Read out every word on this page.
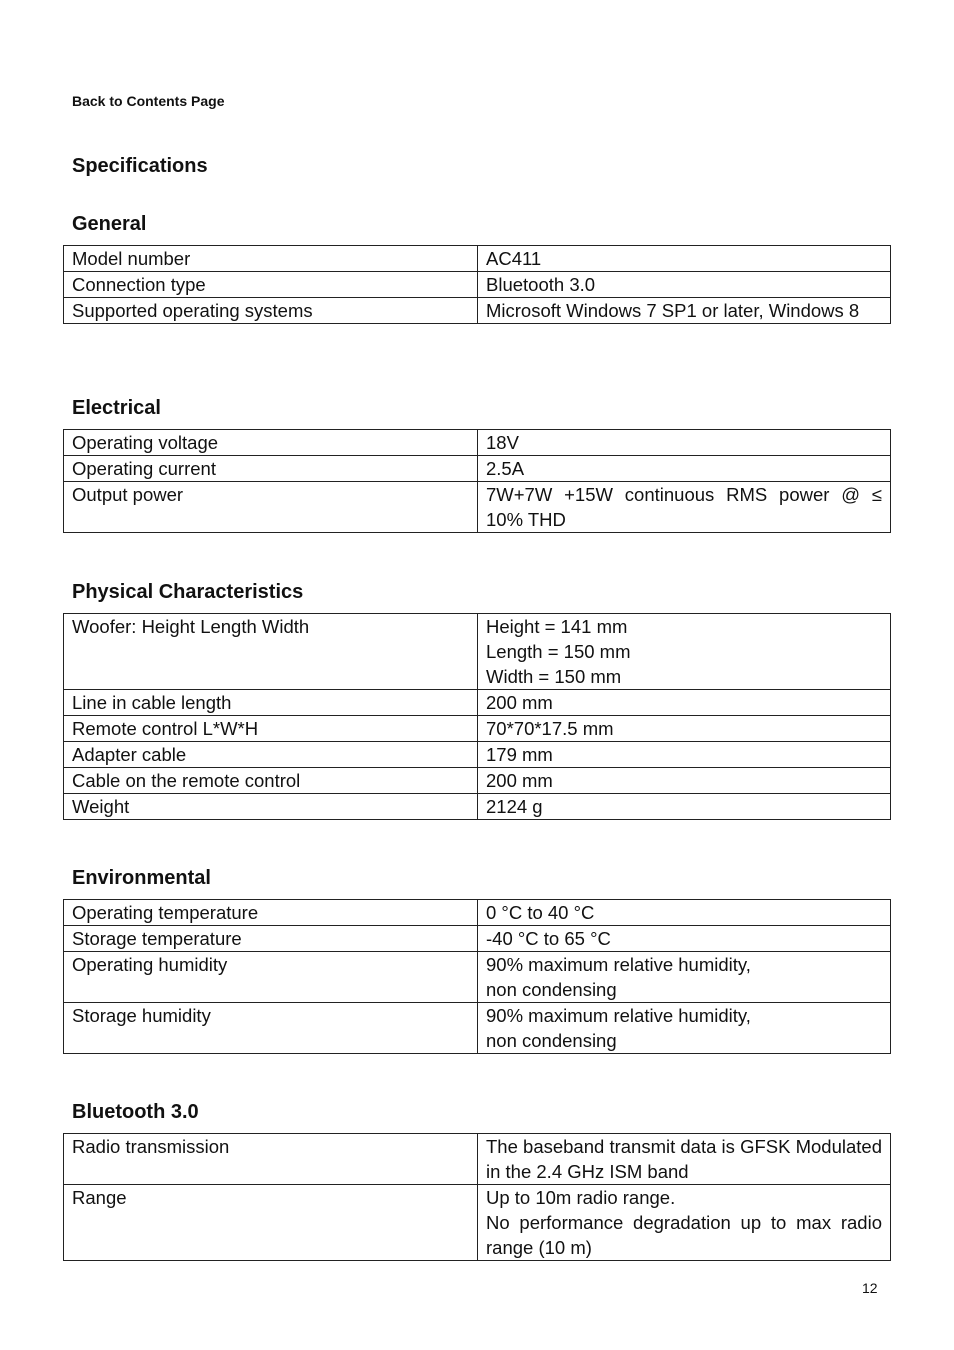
Back to Contents Page
Specifications
General
Model number	AC411
Connection type	Bluetooth 3.0
Supported operating systems	Microsoft Windows 7 SP1 or later, Windows 8
Electrical
Operating voltage	18V
Operating current	2.5A
Output power	7W+7W +15W continuous RMS power @ ≤ 10% THD
Physical Characteristics
Woofer: Height Length Width	Height = 141 mm
Length = 150 mm
Width = 150 mm

Line in cable length	200 mm
Remote control L*W*H	70*70*17.5 mm
Adapter cable	179 mm
Cable on the remote control	200 mm
Weight	2124 g
Environmental
Operating temperature	0 °C to 40 °C
Storage temperature	-40 °C to 65 °C
Operating humidity	90% maximum relative humidity,
non condensing

Storage humidity	90% maximum relative humidity,
non condensing
Bluetooth 3.0
Radio transmission	The baseband transmit data is GFSK Modulated in the 2.4 GHz ISM band
Range	Up to 10m radio range.
No performance degradation up to max radio range (10 m)
12
